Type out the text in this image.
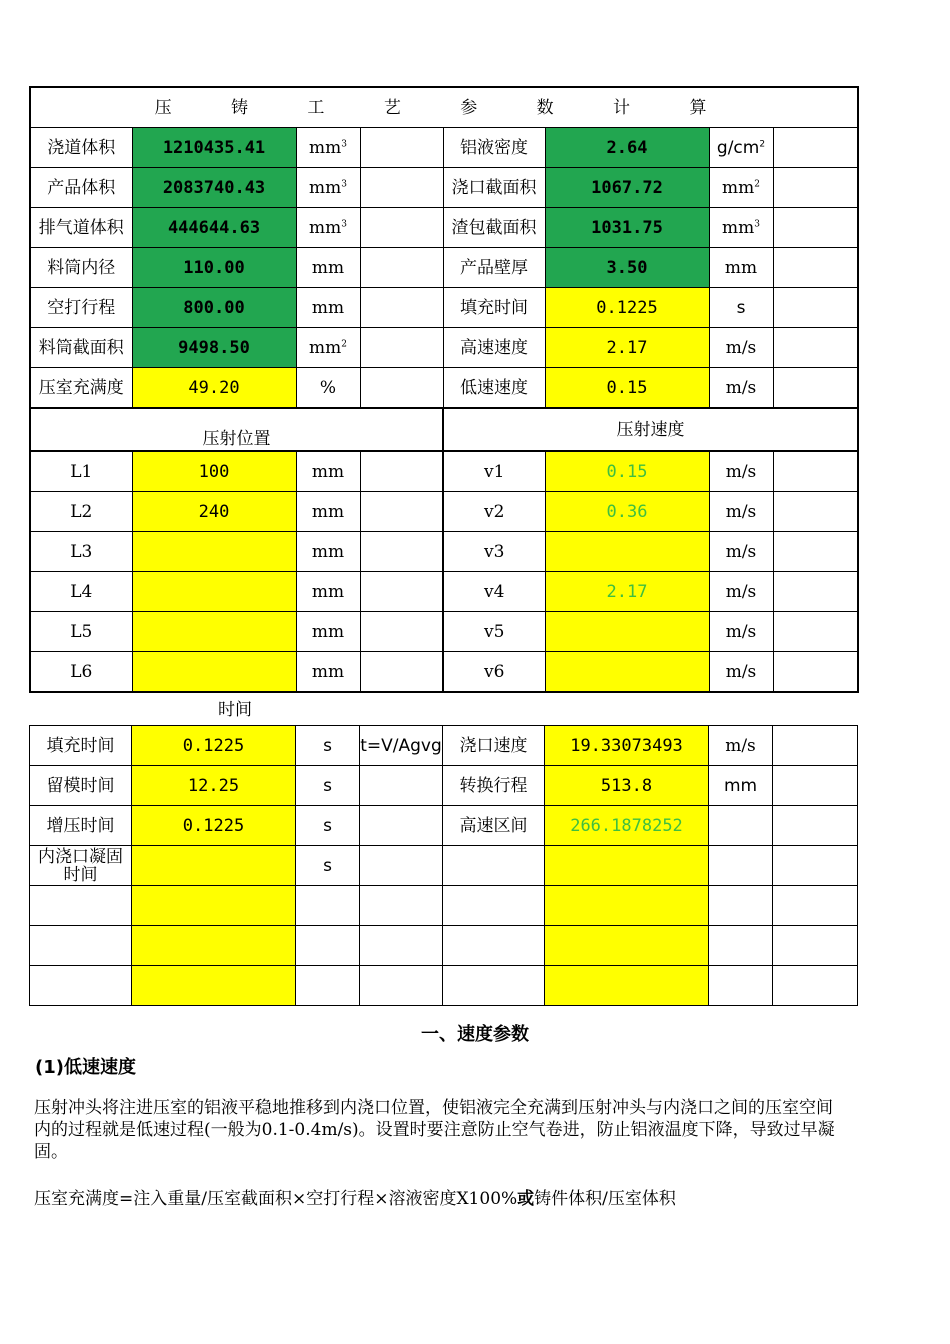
压 铸 工 艺 参 数 计 算							
浇道体积	1210435.41	$mm^3$		铝液密度	2.64	$g/cm^2$	
产品体积	2083740.43	$mm^3$		浇口截面积	1067.72	$mm^2$	
排气道体积	444644.63	$mm^3$		渣包截面积	1031.75	$mm^3$	
料筒内径	110.00	mm		产品壁厚	3.50	mm	
空打行程	800.00	mm		填充时间	0.1225	s	
料筒截面积	9498.50	$mm^2$		高速速度	2.17	m/s	
压室充满度	49.20	%		低速速度	0.15	m/s	
压射位置				压射速度			
L1	100	mm		v1	0.15	m/s	
L2	240	mm		v2	0.36	m/s	
L3		mm		v3		m/s	
L4		mm		v4	2.17	m/s	
L5		mm		v5		m/s	
L6		mm		v6		m/s	
时间
填充时间	0.1225	s	t=V/Agvg	浇口速度	19.33073493	m/s	
留模时间	12.25	s		转换行程	513.8	mm	
增压时间	0.1225	s		高速区间	266.1878252		
内浇口凝固时间		s					

一、速度参数
(1)低速速度
压射冲头将注进压室的铝液平稳地推移到内浇口位置，使铝液完全充满到压射冲头与内浇口之间的压室空间内的过程就是低速过程(一般为0.1-0.4m/s)。设置时要注意防止空气卷进，防止铝液温度下降，导致过早凝固。
压室充满度=注入重量/压室截面积×空打行程×溶液密度X100%或铸件体积/压室体积
